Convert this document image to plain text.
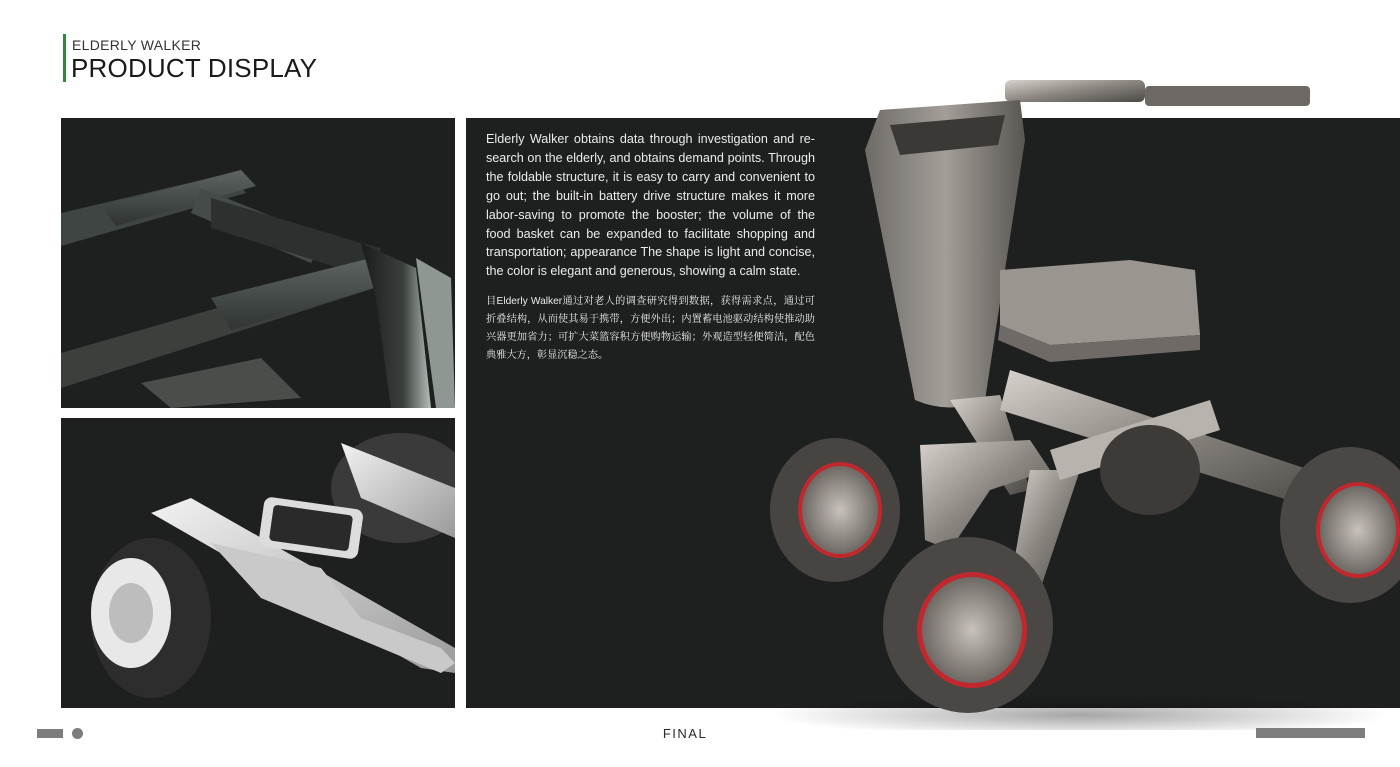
ELDERLY WALKER
PRODUCT DISPLAY
Elderly Walker obtains data through investigation and re-search on the elderly, and obtains demand points. Through the foldable structure, it is easy to carry and convenient to go out; the built-in battery drive structure makes it more labor-saving to promote the booster; the volume of the food basket can be expanded to facilitate shopping and transportation; appearance The shape is light and concise, the color is elegant and generous, showing a calm state.
目Elderly Walker通过对老人的调查研究得到数据，获得需求点，通过可折叠结构，从而使其易于携带，方便外出；内置蓄电池驱动结构使推动助兴器更加省力；可扩大菜篮容积方便购物运输；外观造型轻便简洁，配色典雅大方，彰显沉稳之态。
FINAL
